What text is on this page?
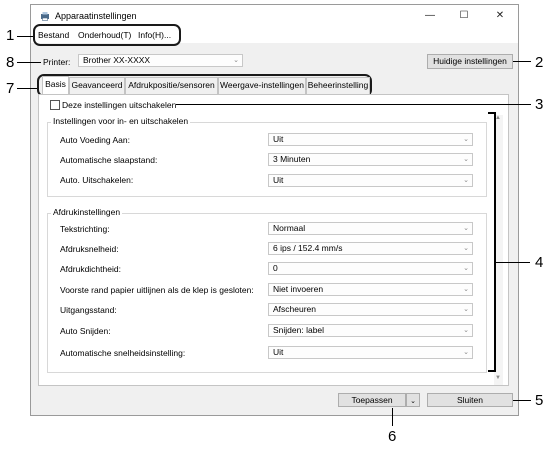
Apparaatinstellingen	—	☐	✕
Bestand Onderhoud(T) Info(H)...
1
Printer:	Brother XX-XXXX	⌄
8	Huidige instellingen	2
7	Basis Geavanceerd Afdrukpositie/sensoren Weergave-instellingen Beheerinstelling
Deze instellingen uitschakelen	3
▲
▼
4
Instellingen voor in- en uitschakelen
Auto Voeding Aan:	Uit	⌄
Automatische slaapstand:	3 Minuten	⌄
Auto. Uitschakelen:	Uit	⌄
Afdrukinstellingen
Tekstrichting:	Normaal	⌄
Afdruksnelheid:	6 ips / 152.4 mm/s	⌄
Afdrukdichtheid:	0	⌄
Voorste rand papier uitlijnen als de klep is gesloten:	Niet invoeren	⌄
Uitgangsstand:	Afscheuren	⌄
Auto Snijden:	Snijden: label	⌄
Automatische snelheidsinstelling:	Uit	⌄
Toepassen	⌄	Sluiten	5
6
